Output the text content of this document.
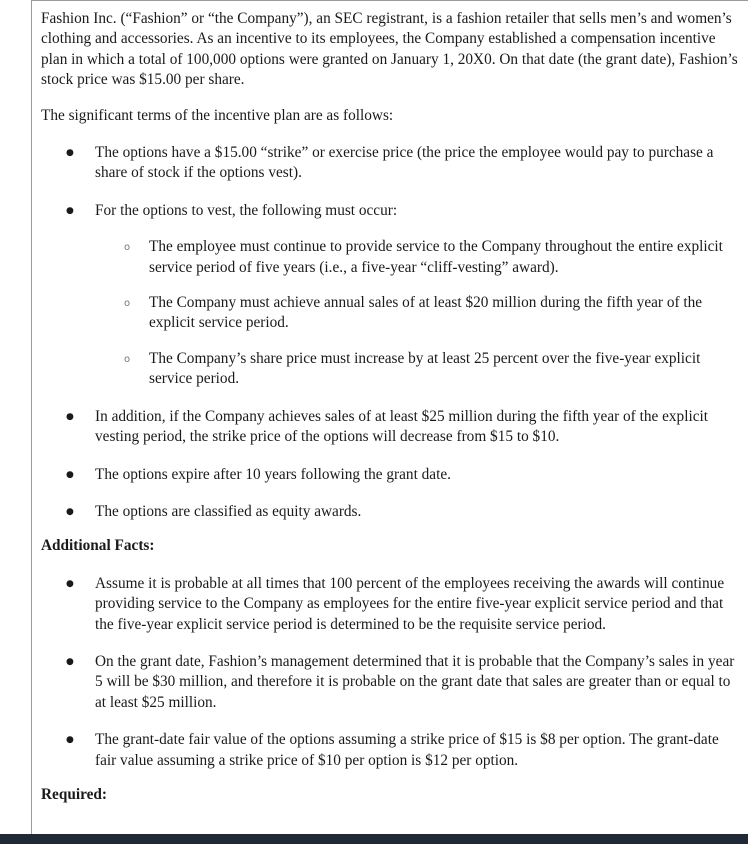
Fashion Inc. (“Fashion” or “the Company”), an SEC registrant, is a fashion retailer that sells men’s and women’s clothing and accessories. As an incentive to its employees, the Company established a compensation incentive plan in which a total of 100,000 options were granted on January 1, 20X0. On that date (the grant date), Fashion’s stock price was $15.00 per share.

The significant terms of the incentive plan are as follows:

● The options have a $15.00 “strike” or exercise price (the price the employee would pay to purchase a share of stock if the options vest).
● For the options to vest, the following must occur:
o The employee must continue to provide service to the Company throughout the entire explicit service period of five years (i.e., a five-year “cliff-vesting” award).
o The Company must achieve annual sales of at least $20 million during the fifth year of the explicit service period.
o The Company’s share price must increase by at least 25 percent over the five-year explicit service period.
● In addition, if the Company achieves sales of at least $25 million during the fifth year of the explicit vesting period, the strike price of the options will decrease from $15 to $10.
● The options expire after 10 years following the grant date.
● The options are classified as equity awards.

Additional Facts:

● Assume it is probable at all times that 100 percent of the employees receiving the awards will continue providing service to the Company as employees for the entire five-year explicit service period and that the five-year explicit service period is determined to be the requisite service period.
● On the grant date, Fashion’s management determined that it is probable that the Company’s sales in year 5 will be $30 million, and therefore it is probable on the grant date that sales are greater than or equal to at least $25 million.
● The grant-date fair value of the options assuming a strike price of $15 is $8 per option. The grant-date fair value assuming a strike price of $10 per option is $12 per option.

Required:
